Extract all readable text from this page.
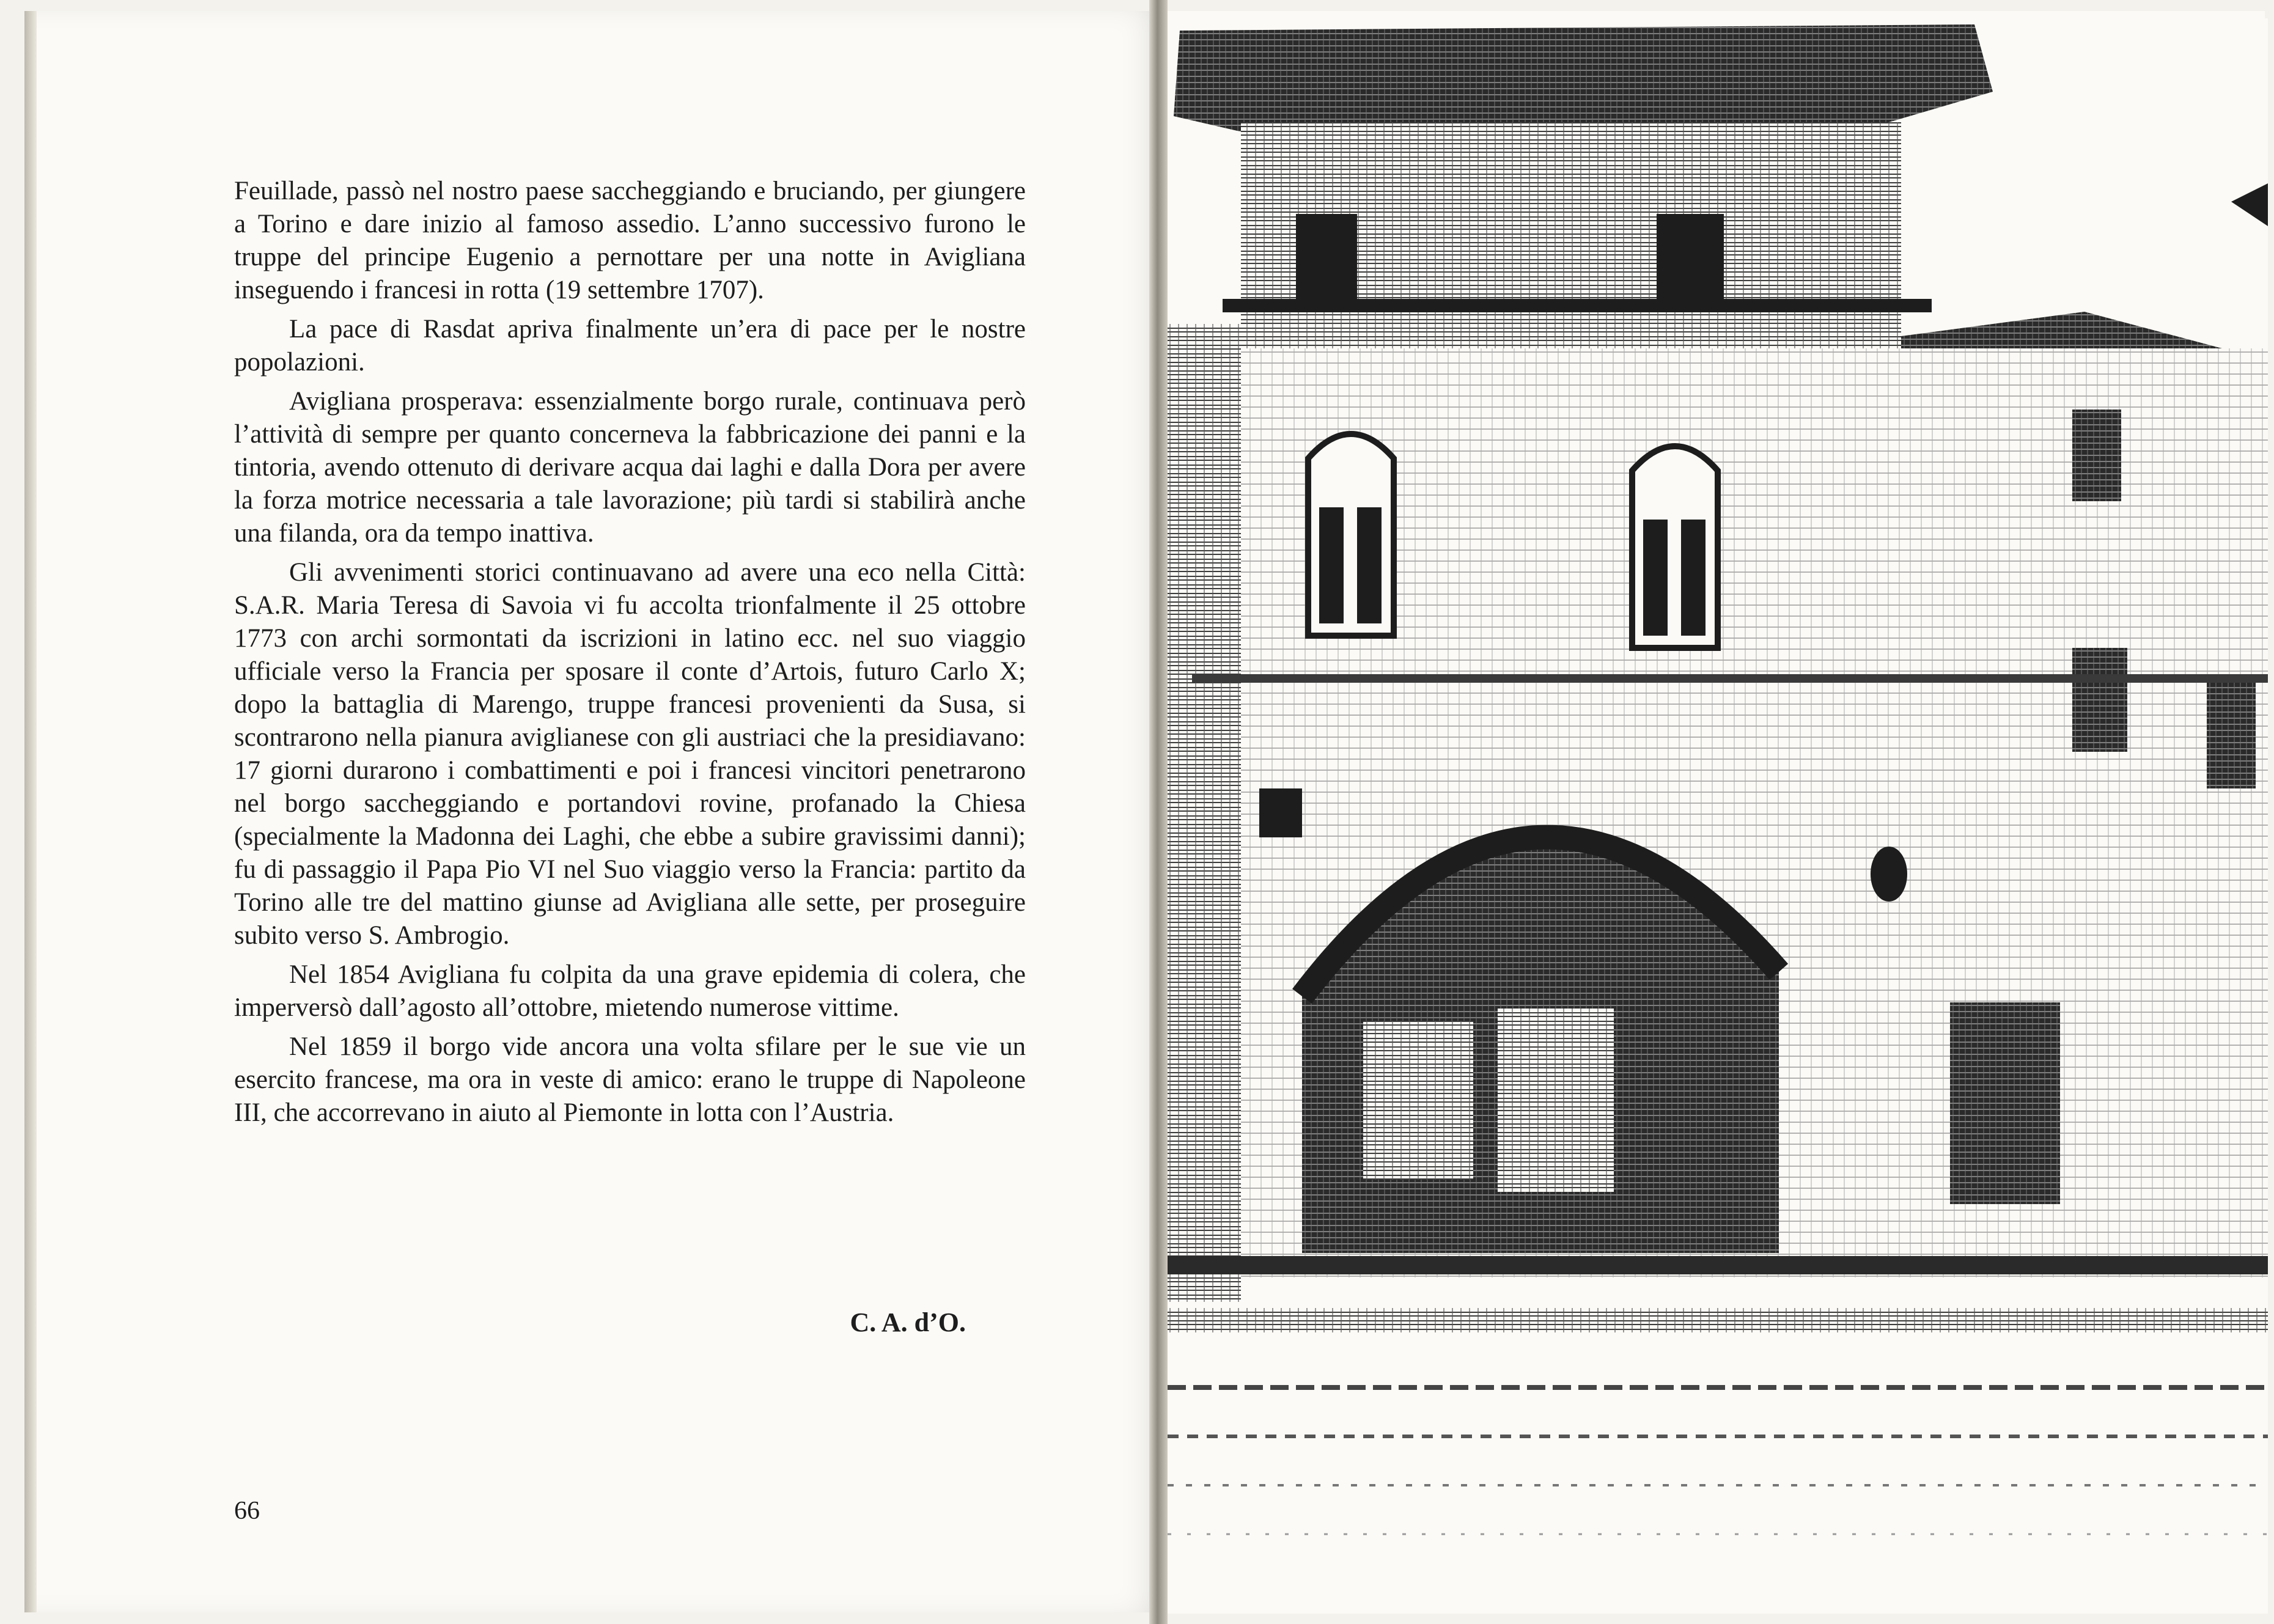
Feuillade, passò nel nostro paese saccheggiando e bruciando, per giungere a Torino e dare inizio al famoso assedio. L’anno successivo furono le truppe del principe Eugenio a pernottare per una notte in Avigliana inseguendo i francesi in rotta (19 settembre 1707).

La pace di Rasdat apriva finalmente un’era di pace per le nostre popolazioni.

Avigliana prosperava: essenzialmente borgo rurale, continuava però l’attività di sempre per quanto concerneva la fabbricazione dei panni e la tintoria, avendo ottenuto di derivare acqua dai laghi e dalla Dora per avere la forza motrice necessaria a tale lavorazione; più tardi si stabilirà anche una filanda, ora da tempo inattiva.

Gli avvenimenti storici continuavano ad avere una eco nella Città: S.A.R. Maria Teresa di Savoia vi fu accolta trionfalmente il 25 ottobre 1773 con archi sormontati da iscrizioni in latino ecc. nel suo viaggio ufficiale verso la Francia per sposare il conte d’Artois, futuro Carlo X; dopo la battaglia di Marengo, truppe francesi provenienti da Susa, si scontrarono nella pianura aviglianese con gli austriaci che la presidiavano: 17 giorni durarono i combattimenti e poi i francesi vincitori penetrarono nel borgo saccheggiando e portandovi rovine, profanado la Chiesa (specialmente la Madonna dei Laghi, che ebbe a subire gravissimi danni); fu di passaggio il Papa Pio VI nel Suo viaggio verso la Francia: partito da Torino alle tre del mattino giunse ad Avigliana alle sette, per proseguire subito verso S. Ambrogio.

Nel 1854 Avigliana fu colpita da una grave epidemia di colera, che imperversò dall’agosto all’ottobre, mietendo numerose vittime.

Nel 1859 il borgo vide ancora una volta sfilare per le sue vie un esercito francese, ma ora in veste di amico: erano le truppe di Napoleone III, che accorrevano in aiuto al Piemonte in lotta con l’Austria.

C. A. d’O.
66
